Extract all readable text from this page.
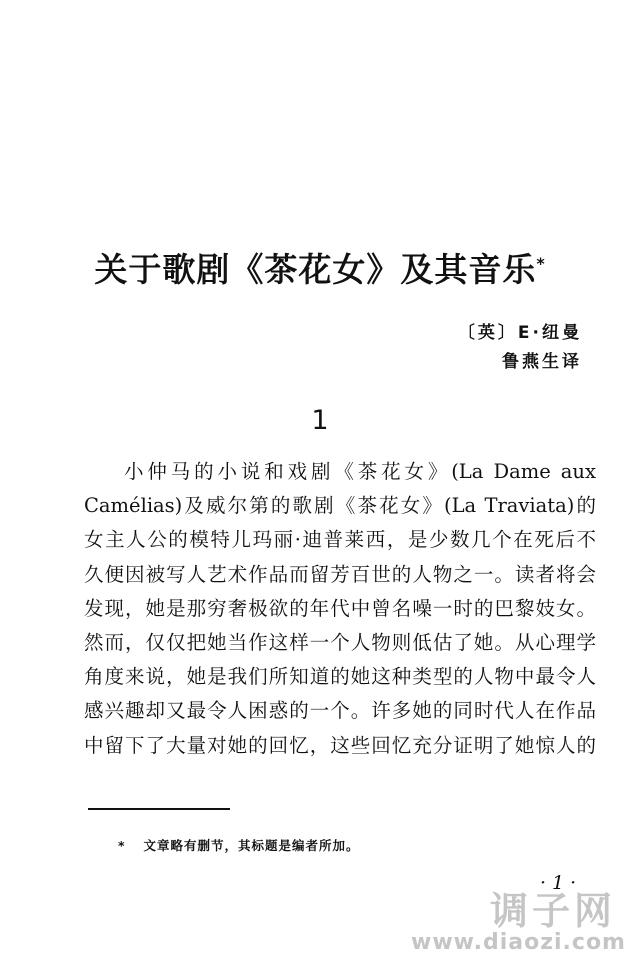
关于歌剧《茶花女》及其音乐*
〔英〕E·纽曼
鲁燕生译
1
小仲马的小说和戏剧《茶花女》(La Dame aux
Camélias)及威尔第的歌剧《茶花女》(La Traviata)的
女主人公的模特儿玛丽·迪普莱西，是少数几个在死后不
久便因被写人艺术作品而留芳百世的人物之一。读者将会
发现，她是那穷奢极欲的年代中曾名噪一时的巴黎妓女。
然而，仅仅把她当作这样一个人物则低估了她。从心理学
角度来说，她是我们所知道的她这种类型的人物中最令人
感兴趣却又最令人困惑的一个。许多她的同时代人在作品
中留下了大量对她的回忆，这些回忆充分证明了她惊人的
* 文章略有删节，其标题是编者所加。
·1·
调子网
www.diaozi.com
